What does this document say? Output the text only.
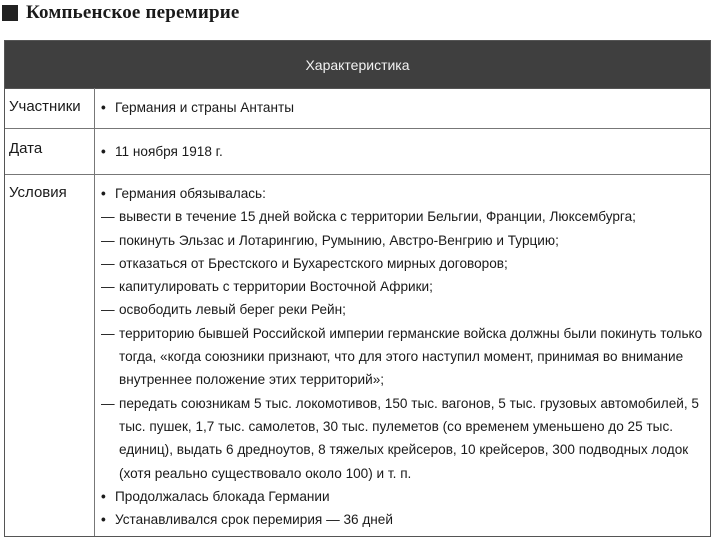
Компьенское перемирие
Характеристика
Участники	• Германия и страны Антанты
Дата	• 11 ноября 1918 г.
Условия	• Германия обязывалась:
— вывести в течение 15 дней войска с территории Бельгии, Франции, Люксембурга;
— покинуть Эльзас и Лотарингию, Румынию, Австро-Венгрию и Турцию;
— отказаться от Брестского и Бухарестского мирных договоров;
— капитулировать с территории Восточной Африки;
— освободить левый берег реки Рейн;
— территорию бывшей Российской империи германские войска должны были покинуть только тогда, «когда союзники признают, что для этого наступил момент, принимая во внимание внутреннее положение этих территорий»;
— передать союзникам 5 тыс. локомотивов, 150 тыс. вагонов, 5 тыс. грузовых автомобилей, 5 тыс. пушек, 1,7 тыс. самолетов, 30 тыс. пулеметов (со временем уменьшено до 25 тыс. единиц), выдать 6 дредноутов, 8 тяжелых крейсеров, 10 крейсеров, 300 подводных лодок (хотя реально существовало около 100) и т. п.
• Продолжалась блокада Германии
• Устанавливался срок перемирия — 36 дней
